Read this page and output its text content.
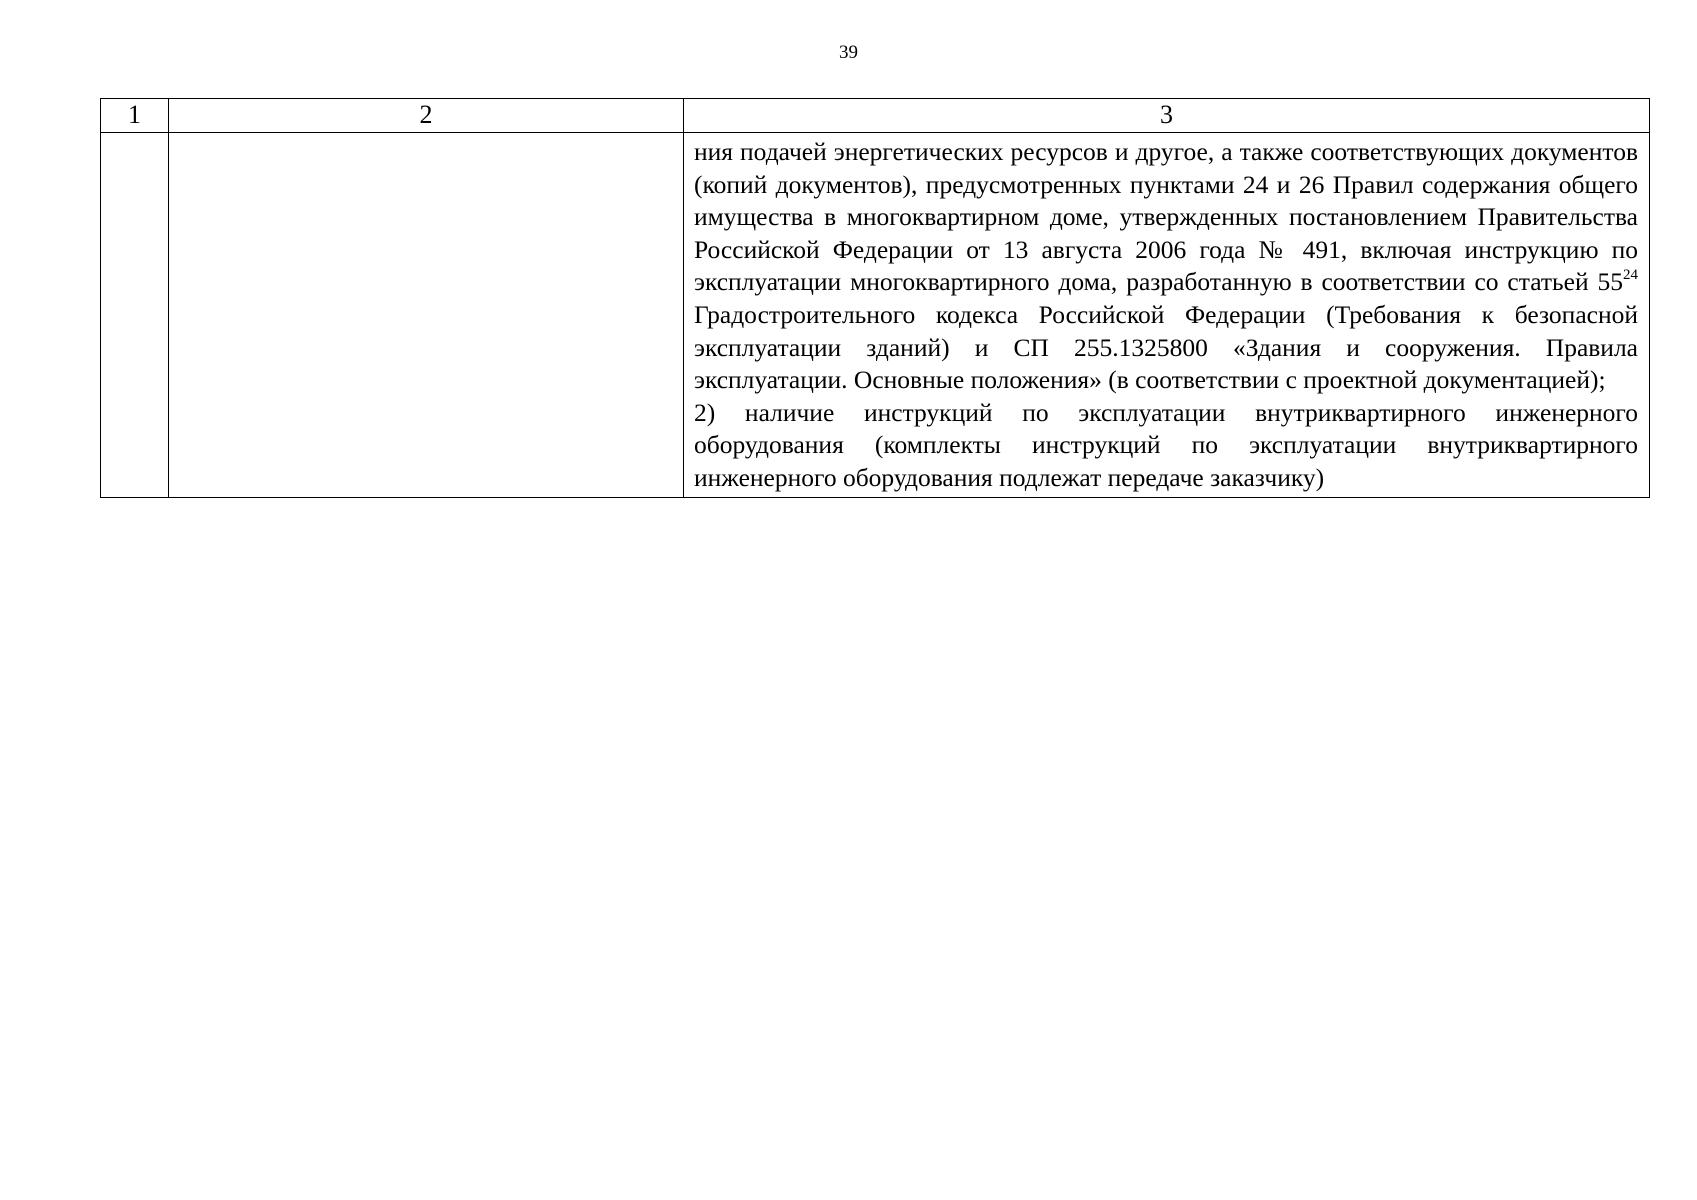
39
1	2	3

		ния подачей энергетических ресурсов и другое, а также соответствующих документов (копий документов), предусмотренных пунктами 24 и 26 Правил содержания общего имущества в многоквартирном доме, утвержденных постановлением Правительства Российской Федерации от 13 августа 2006 года № 491, включая инструкцию по эксплуатации многоквартирного дома, разработанную в соответствии со статьей $55^{24}$ Градостроительного кодекса Российской Федерации (Требования к безопасной эксплуатации зданий) и СП 255.1325800 «Здания и сооружения. Правила эксплуатации. Основные положения» (в соответствии с проектной документацией);

2) наличие инструкций по эксплуатации внутриквартирного инженерного оборудования (комплекты инструкций по эксплуатации внутриквартирного инженерного оборудования подлежат передаче заказчику)
